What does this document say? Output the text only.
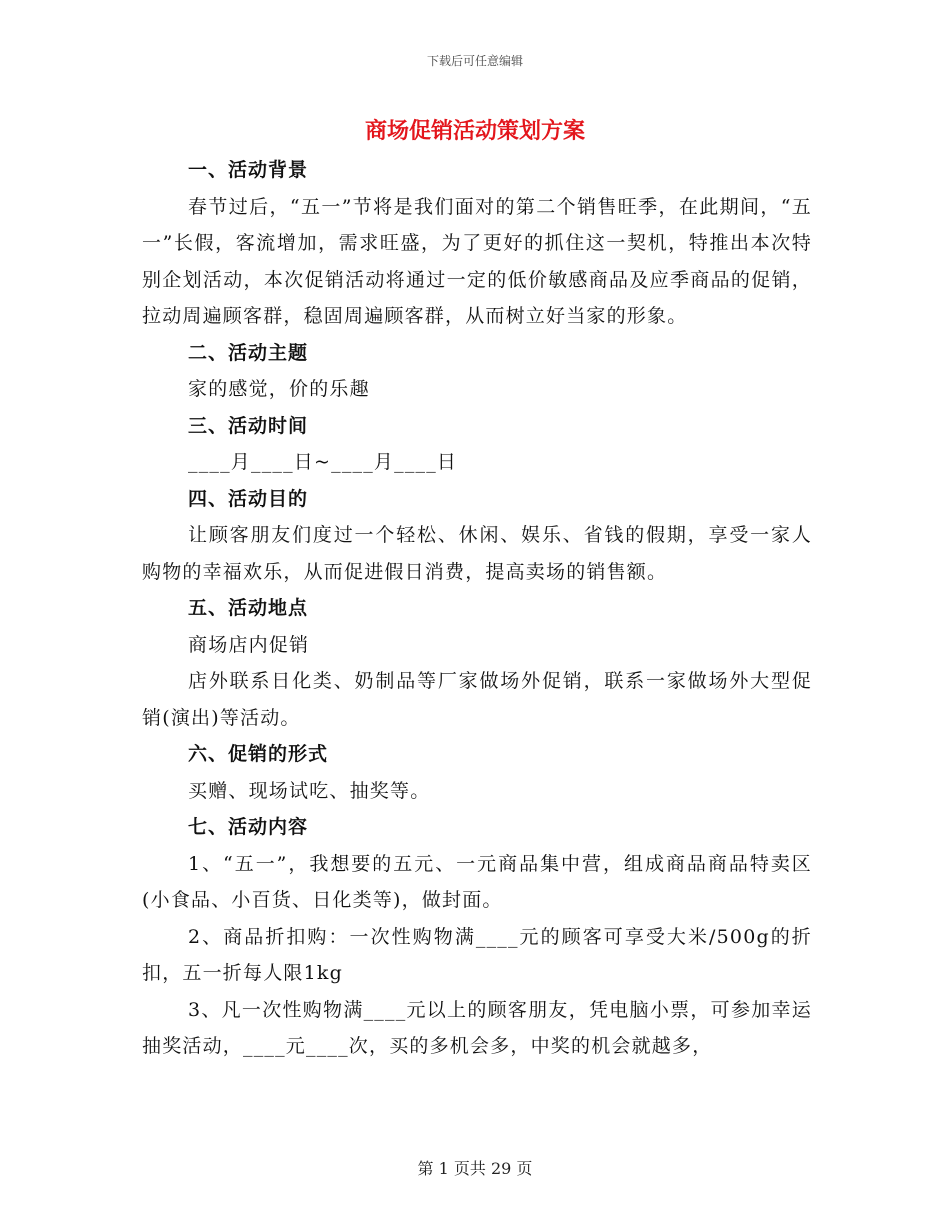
下载后可任意编辑
商场促销活动策划方案
一、活动背景

春节过后，“五一”节将是我们面对的第二个销售旺季，在此期间，“五一”长假，客流增加，需求旺盛，为了更好的抓住这一契机，特推出本次特别企划活动，本次促销活动将通过一定的低价敏感商品及应季商品的促销，拉动周遍顾客群，稳固周遍顾客群，从而树立好当家的形象。

二、活动主题

家的感觉，价的乐趣

三、活动时间

____月____日~____月____日

四、活动目的

让顾客朋友们度过一个轻松、休闲、娱乐、省钱的假期，享受一家人购物的幸福欢乐，从而促进假日消费，提高卖场的销售额。

五、活动地点

商场店内促销

店外联系日化类、奶制品等厂家做场外促销，联系一家做场外大型促销(演出)等活动。

六、促销的形式

买赠、现场试吃、抽奖等。

七、活动内容

1、“五一”，我想要的五元、一元商品集中营，组成商品商品特卖区(小食品、小百货、日化类等)，做封面。

2、商品折扣购：一次性购物满____元的顾客可享受大米/500g的折扣，五一折每人限1kg

3、凡一次性购物满____元以上的顾客朋友，凭电脑小票，可参加幸运抽奖活动，____元____次，买的多机会多，中奖的机会就越多，

第 1 页共 29 页
